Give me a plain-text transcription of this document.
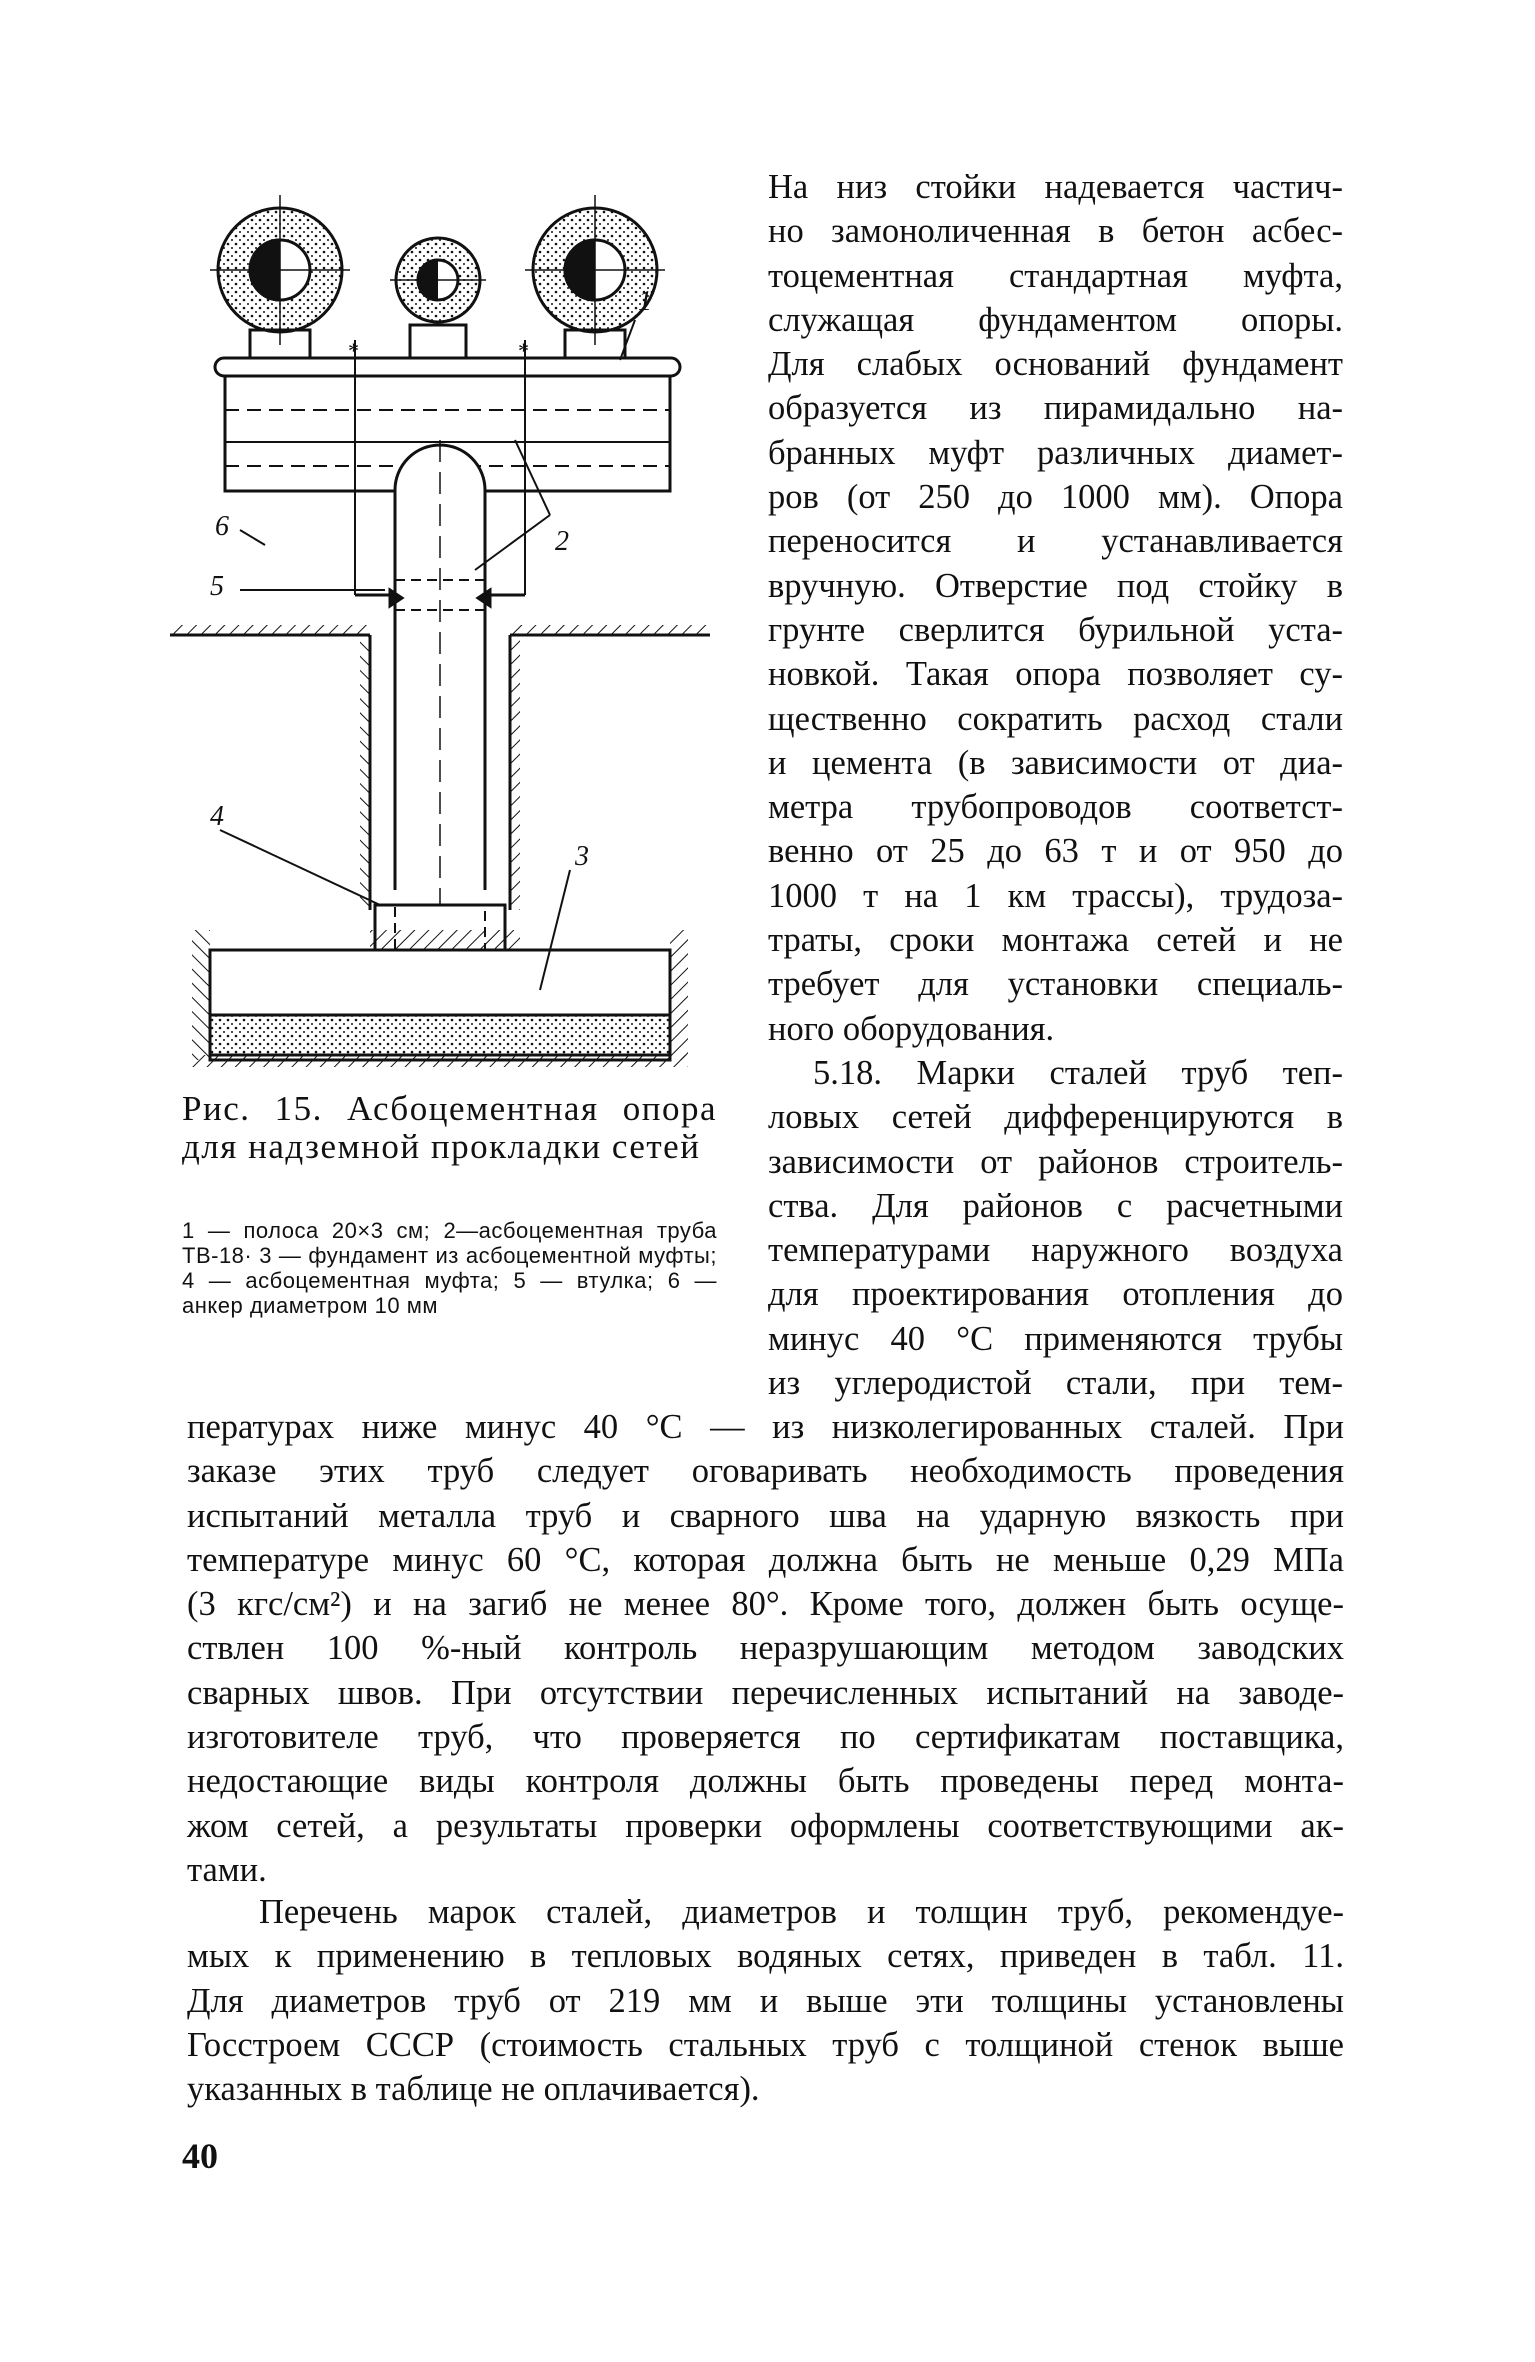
*	*
1
2
3
4
5
6
Рис. 15. Асбоцементная опора для надземной прокладки сетей
1 — полоса 20×3 см; 2—асбоцементная труба ТВ-18· 3 — фундамент из асбоцементной муфты; 4 — асбоцементная муфта; 5 — втулка; 6 — анкер диаметром 10 мм

На низ стойки надевается частич-

но замоноличенная в бетон асбес-

тоцементная стандартная муфта,

служащая фундаментом опоры.

Для слабых оснований фундамент

образуется из пирамидально на-

бранных муфт различных диамет-

ров (от 250 до 1000 мм). Опора

переносится и устанавливается

вручную. Отверстие под стойку в

грунте сверлится бурильной уста-

новкой. Такая опора позволяет су-

щественно сократить расход стали

и цемента (в зависимости от диа-

метра трубопроводов соответст-

венно от 25 до 63 т и от 950 до

1000 т на 1 км трассы), трудоза-

траты, сроки монтажа сетей и не

требует для установки специаль-

ного оборудования.

5.18. Марки сталей труб теп-

ловых сетей дифференцируются в

зависимости от районов строитель-

ства. Для районов с расчетными

температурами наружного воздуха

для проектирования отопления до

минус 40 °С применяются трубы

из углеродистой стали, при тем-

пературах ниже минус 40 °С — из низколегированных сталей. При

заказе этих труб следует оговаривать необходимость проведения

испытаний металла труб и сварного шва на ударную вязкость при

температуре минус 60 °С, которая должна быть не меньше 0,29 МПа

(3 кгс/см²) и на загиб не менее 80°. Кроме того, должен быть осуще-

ствлен 100 %-ный контроль неразрушающим методом заводских

сварных швов. При отсутствии перечисленных испытаний на заводе-

изготовителе труб, что проверяется по сертификатам поставщика,

недостающие виды контроля должны быть проведены перед монта-

жом сетей, а результаты проверки оформлены соответствующими ак-

тами.

Перечень марок сталей, диаметров и толщин труб, рекомендуе-

мых к применению в тепловых водяных сетях, приведен в табл. 11.

Для диаметров труб от 219 мм и выше эти толщины установлены

Госстроем СССР (стоимость стальных труб с толщиной стенок выше

указанных в таблице не оплачивается).

40
